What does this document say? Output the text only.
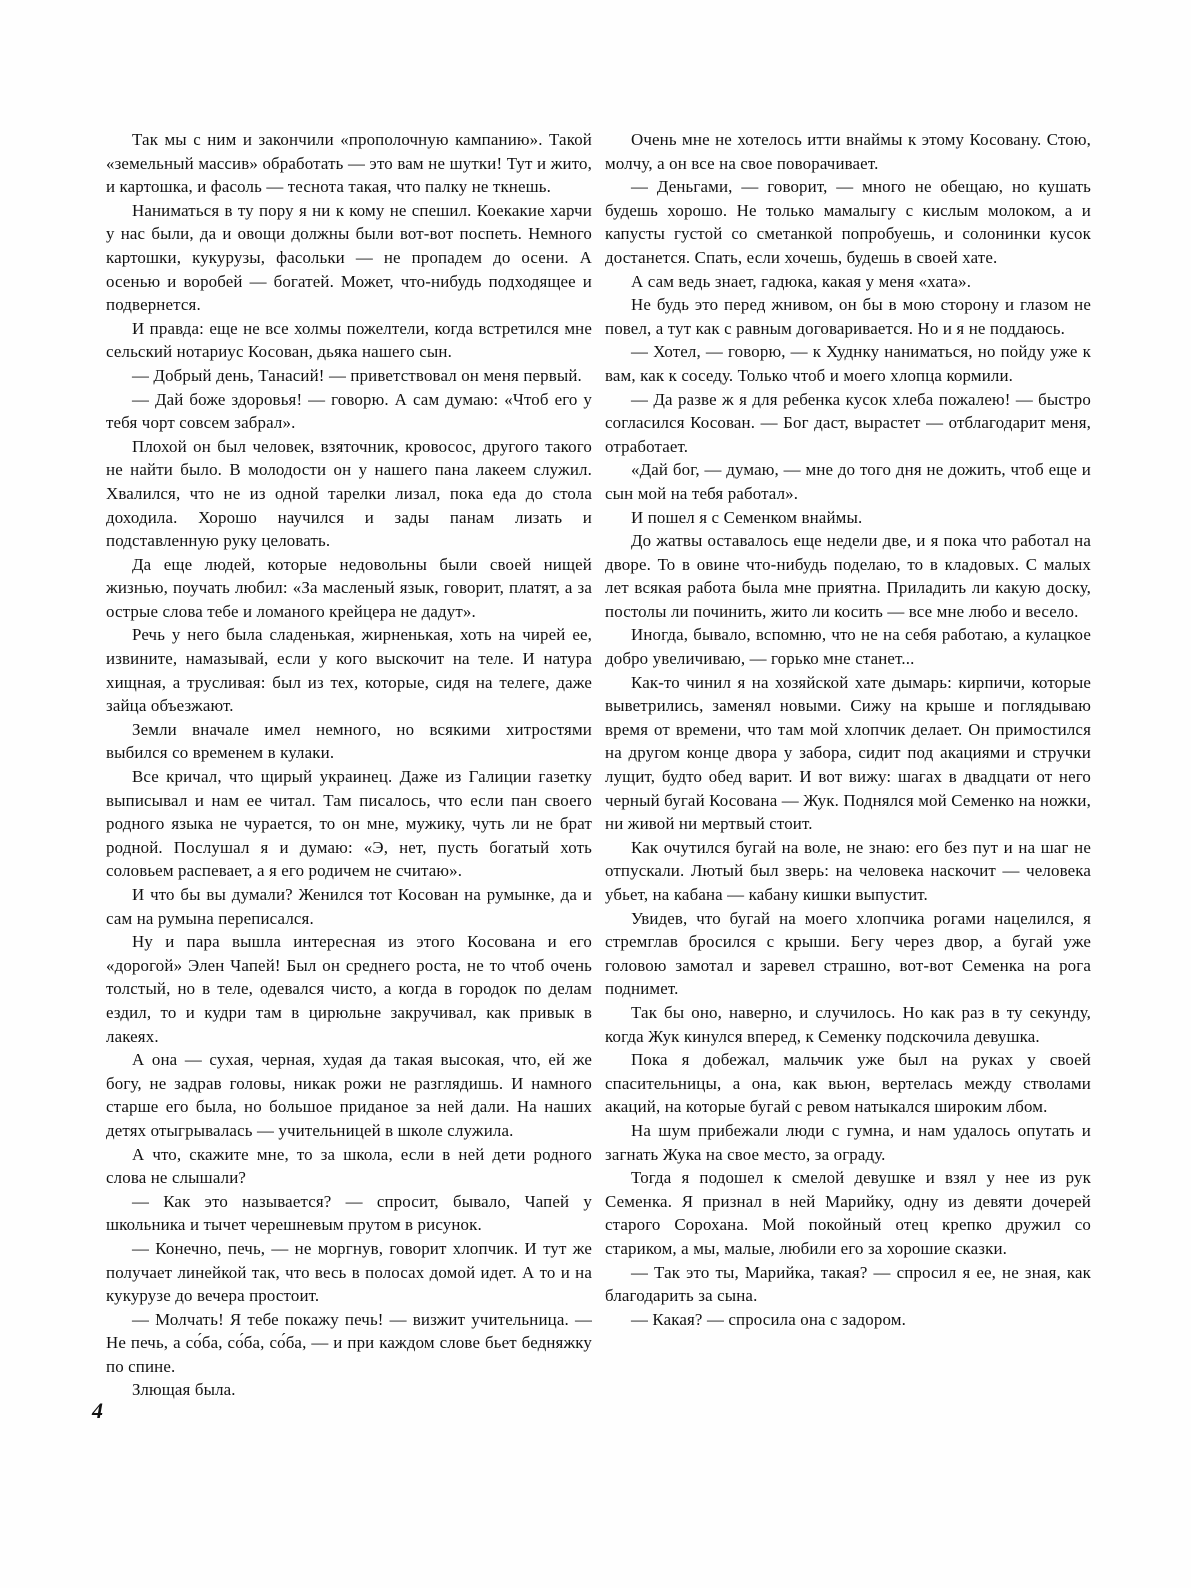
Так мы с ним и закончили «прополочную кампанию». Такой «земельный массив» обработать — это вам не шутки! Тут и жито, и картошка, и фасоль — теснота такая, что палку не ткнешь.

Наниматься в ту пору я ни к кому не спешил. Коекакие харчи у нас были, да и овощи должны были вот-вот поспеть. Немного картошки, кукурузы, фасольки — не пропадем до осени. А осенью и воробей — богатей. Может, что-нибудь подходящее и подвернется.

И правда: еще не все холмы пожелтели, когда встретился мне сельский нотариус Косован, дьяка нашего сын.

— Добрый день, Танасий! — приветствовал он меня первый.

— Дай боже здоровья! — говорю. А сам думаю: «Чтоб его у тебя чорт совсем забрал».

Плохой он был человек, взяточник, кровосос, другого такого не найти было. В молодости он у нашего пана лакеем служил. Хвалился, что не из одной тарелки лизал, пока еда до стола доходила. Хорошо научился и зады панам лизать и подставленную руку целовать.

Да еще людей, которые недовольны были своей нищей жизнью, поучать любил: «За масленый язык, говорит, платят, а за острые слова тебе и ломаного крейцера не дадут».

Речь у него была сладенькая, жирненькая, хоть на чирей ее, извините, намазывай, если у кого выскочит на теле. И натура хищная, а трусливая: был из тех, которые, сидя на телеге, даже зайца объезжают.

Земли вначале имел немного, но всякими хитростями выбился со временем в кулаки.

Все кричал, что щирый украинец. Даже из Галиции газетку выписывал и нам ее читал. Там писалось, что если пан своего родного языка не чурается, то он мне, мужику, чуть ли не брат родной. Послушал я и думаю: «Э, нет, пусть богатый хоть соловьем распевает, а я его родичем не считаю».

И что бы вы думали? Женился тот Косован на румынке, да и сам на румына переписался.

Ну и пара вышла интересная из этого Косована и его «дорогой» Элен Чапей! Был он среднего роста, не то чтоб очень толстый, но в теле, одевался чисто, а когда в городок по делам ездил, то и кудри там в цирюльне закручивал, как привык в лакеях.

А она — сухая, черная, худая да такая высокая, что, ей же богу, не задрав головы, никак рожи не разглядишь. И намного старше его была, но большое приданое за ней дали. На наших детях отыгрывалась — учительницей в школе служила.

А что, скажите мне, то за школа, если в ней дети родного слова не слышали?

— Как это называется? — спросит, бывало, Чапей у школьника и тычет черешневым прутом в рисунок.

— Конечно, печь, — не моргнув, говорит хлопчик. И тут же получает линейкой так, что весь в полосах домой идет. А то и на кукурузе до вечера простоит.

— Молчать! Я тебе покажу печь! — визжит учительница. — Не печь, а со́ба, со́ба, со́ба, — и при каждом слове бьет бедняжку по спине.

Злющая была.

Очень мне не хотелось итти внаймы к этому Косовану. Стою, молчу, а он все на свое поворачивает.

— Деньгами, — говорит, — много не обещаю, но кушать будешь хорошо. Не только мамалыгу с кислым молоком, а и капусты густой со сметанкой попробуешь, и солонинки кусок достанется. Спать, если хочешь, будешь в своей хате.

А сам ведь знает, гадюка, какая у меня «хата».

Не будь это перед жнивом, он бы в мою сторону и глазом не повел, а тут как с равным договаривается. Но и я не поддаюсь.

— Хотел, — говорю, — к Худнку наниматься, но пойду уже к вам, как к соседу. Только чтоб и моего хлопца кормили.

— Да разве ж я для ребенка кусок хлеба пожалею! — быстро согласился Косован. — Бог даст, вырастет — отблагодарит меня, отработает.

«Дай бог, — думаю, — мне до того дня не дожить, чтоб еще и сын мой на тебя работал».

И пошел я с Семенком внаймы.

До жатвы оставалось еще недели две, и я пока что работал на дворе. То в овине что-нибудь поделаю, то в кладовых. С малых лет всякая работа была мне приятна. Приладить ли какую доску, постолы ли починить, жито ли косить — все мне любо и весело.

Иногда, бывало, вспомню, что не на себя работаю, а кулацкое добро увеличиваю, — горько мне станет...

Как-то чинил я на хозяйской хате дымарь: кирпичи, которые выветрились, заменял новыми. Сижу на крыше и поглядываю время от времени, что там мой хлопчик делает. Он примостился на другом конце двора у забора, сидит под акациями и стручки лущит, будто обед варит. И вот вижу: шагах в двадцати от него черный бугай Косована — Жук. Поднялся мой Семенко на ножки, ни живой ни мертвый стоит.

Как очутился бугай на воле, не знаю: его без пут и на шаг не отпускали. Лютый был зверь: на человека наскочит — человека убьет, на кабана — кабану кишки выпустит.

Увидев, что бугай на моего хлопчика рогами нацелился, я стремглав бросился с крыши. Бегу через двор, а бугай уже головою замотал и заревел страшно, вот-вот Семенка на рога поднимет.

Так бы оно, наверно, и случилось. Но как раз в ту секунду, когда Жук кинулся вперед, к Семенку подскочила девушка.

Пока я добежал, мальчик уже был на руках у своей спасительницы, а она, как вьюн, вертелась между стволами акаций, на которые бугай с ревом натыкался широким лбом.

На шум прибежали люди с гумна, и нам удалось опутать и загнать Жука на свое место, за ограду.

Тогда я подошел к смелой девушке и взял у нее из рук Семенка. Я признал в ней Марийку, одну из девяти дочерей старого Сорохана. Мой покойный отец крепко дружил со стариком, а мы, малые, любили его за хорошие сказки.

— Так это ты, Марийка, такая? — спросил я ее, не зная, как благодарить за сына.

— Какая? — спросила она с задором.

4
